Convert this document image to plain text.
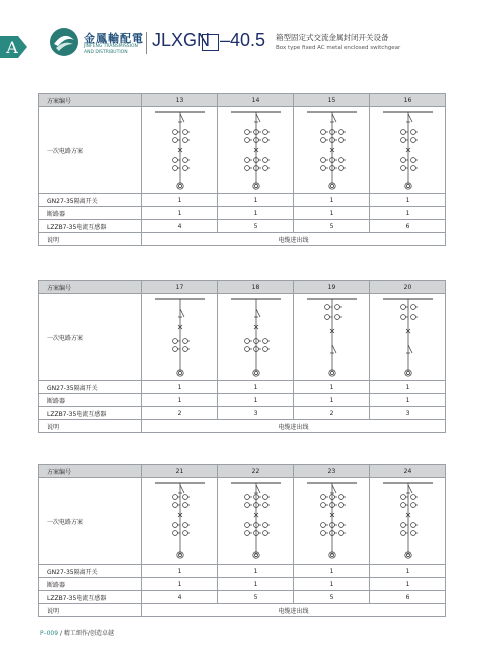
A	金鳳輸配電
JINFENG TRANSMISSION AND DISTRIBUTION
JLXGN –40.5 箱型固定式交流金属封闭开关设备
Box type fixed AC metal enclosed switchgear
方案编号	13	14	15	16
一次电路方案	

GN27-35隔离开关	1	1	1	1
断路器	1	1	1	1
LZZB7-35电流互感器	4	5	5	6
说明	电缆进出线			
方案编号	17	18	19	20
一次电路方案	

GN27-35隔离开关	1	1	1	1
断路器	1	1	1	1
LZZB7-35电流互感器	2	3	2	3
说明	电缆进出线			
方案编号	21	22	23	24
一次电路方案	

GN27-35隔离开关	1	1	1	1
断路器	1	1	1	1
LZZB7-35电流互感器	4	5	5	6
说明	电缆进出线			
P–009 / 精工细作/创造卓越
